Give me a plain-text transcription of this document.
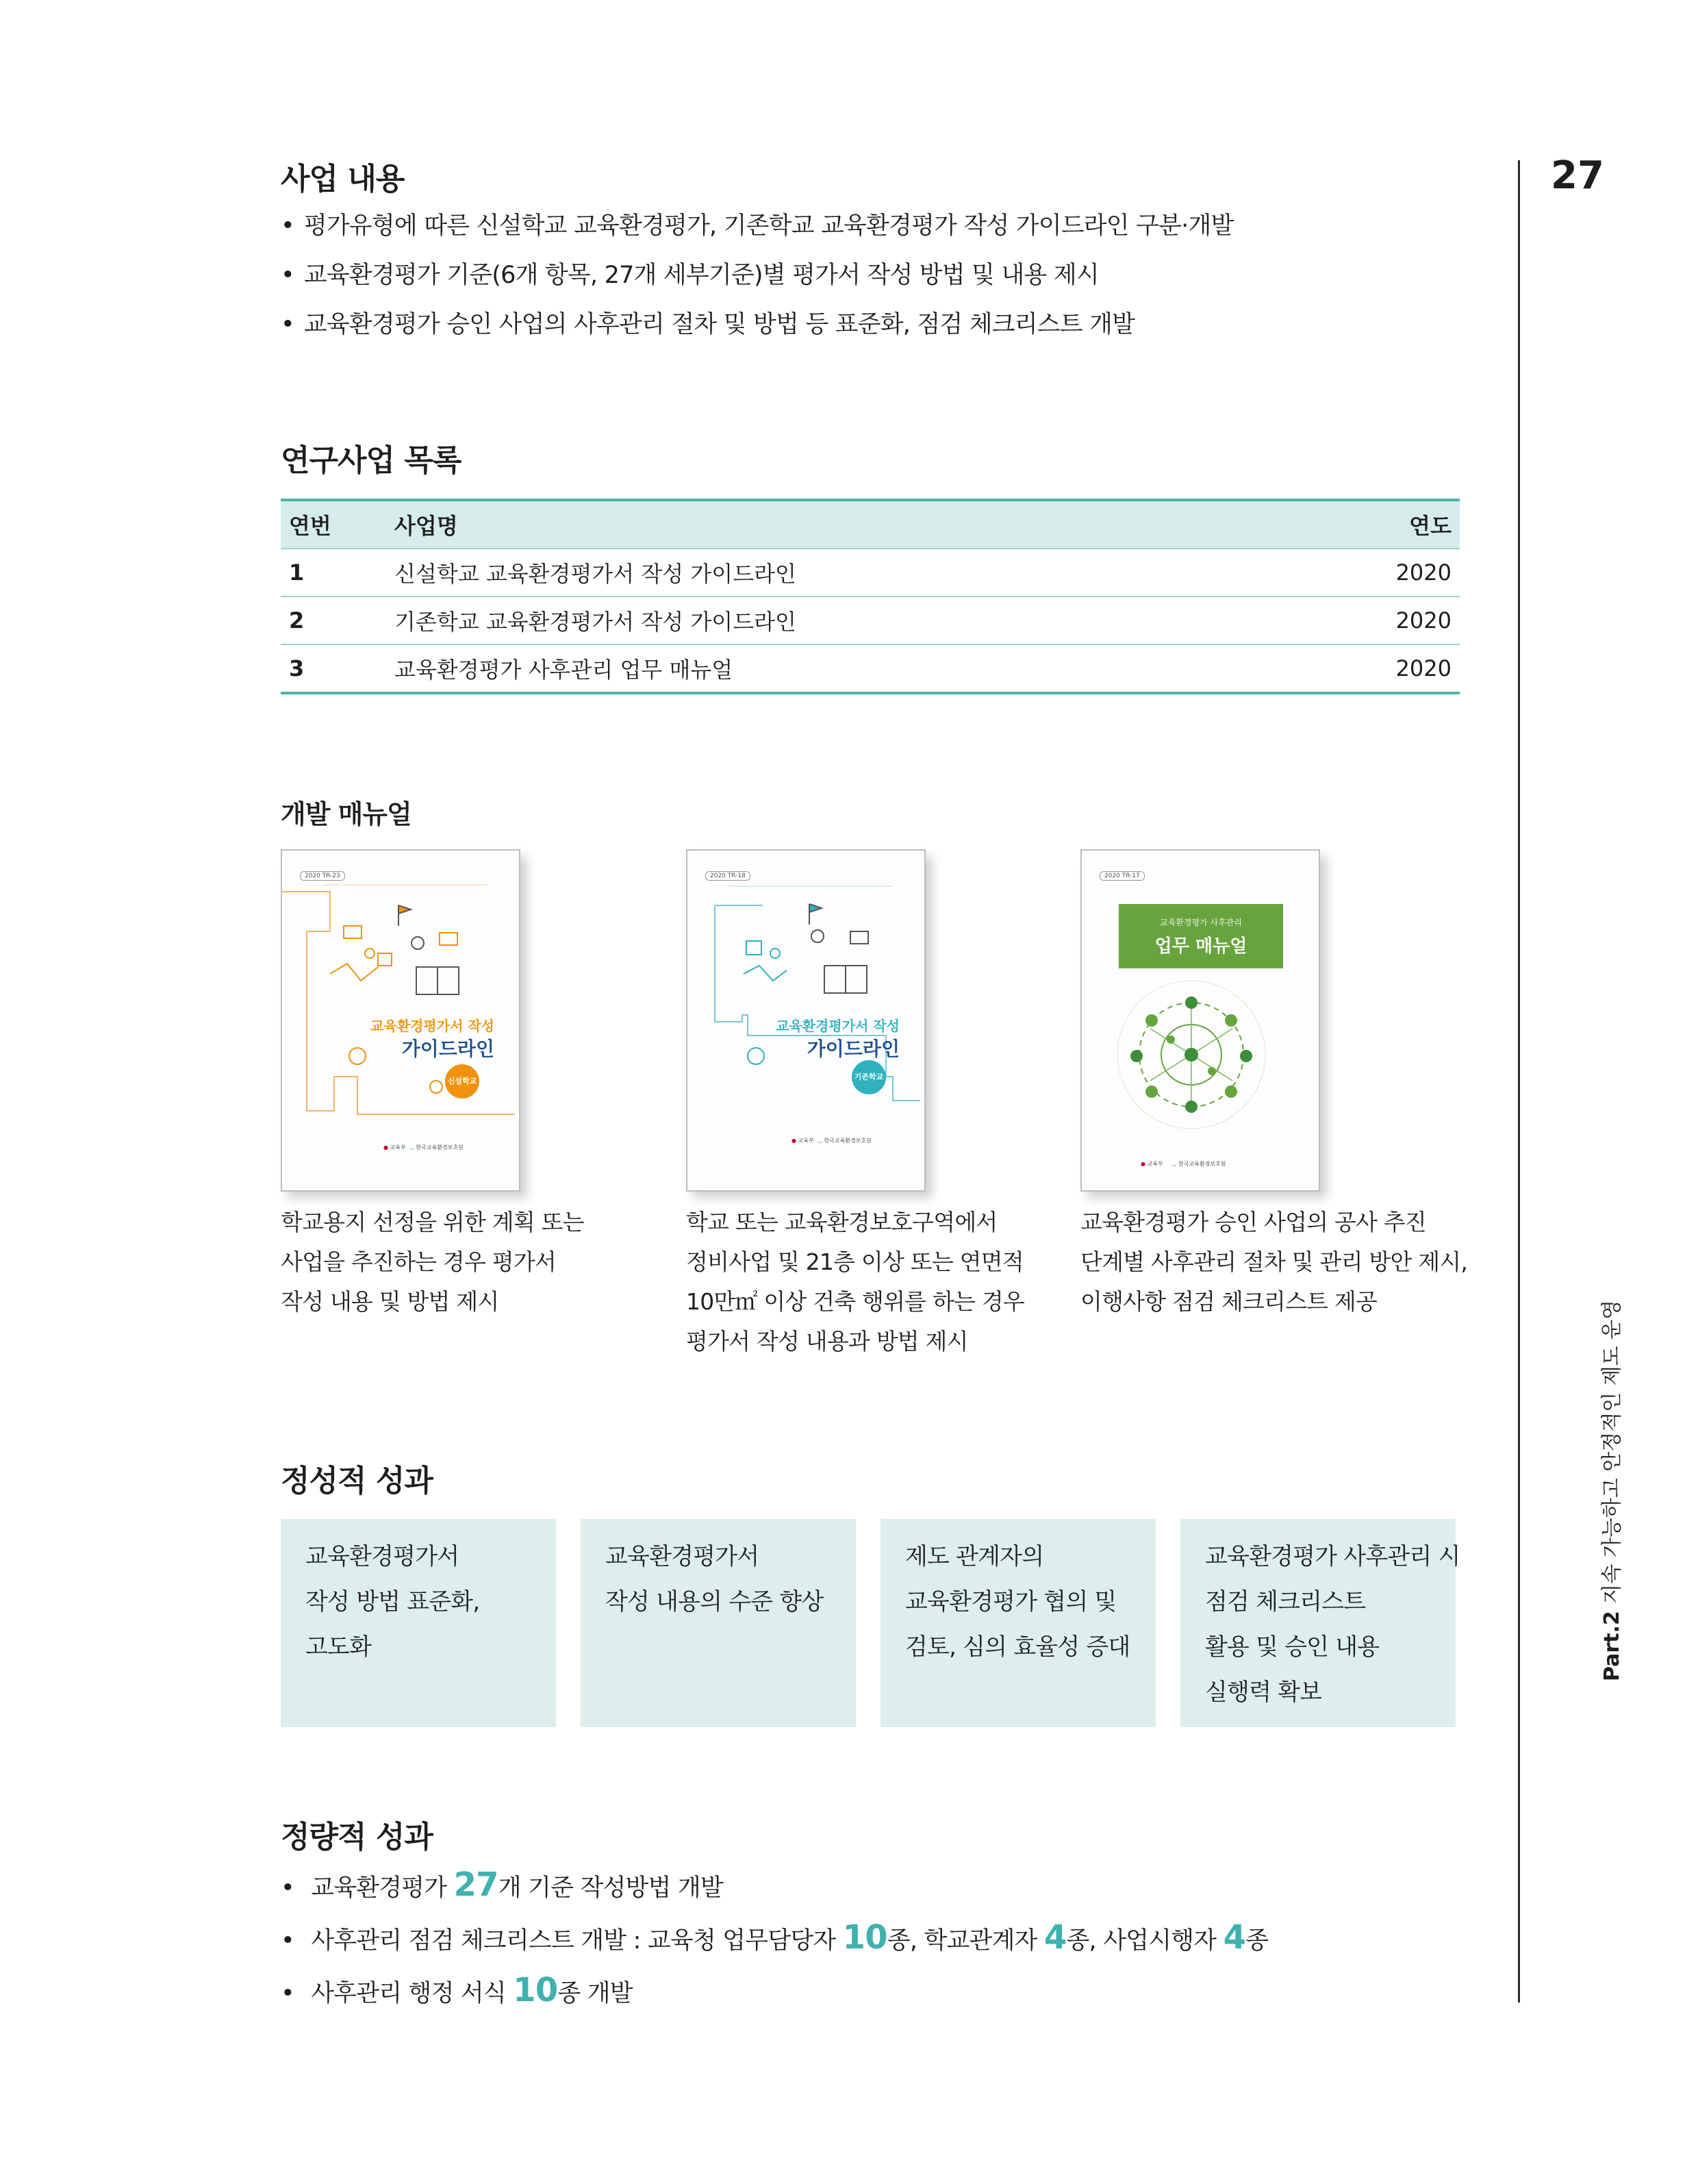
27
Part.2 지속 가능하고 안정적인 제도 운영
사업 내용
• 평가유형에 따른 신설학교 교육환경평가, 기존학교 교육환경평가 작성 가이드라인 구분·개발
• 교육환경평가 기준(6개 항목, 27개 세부기준)별 평가서 작성 방법 및 내용 제시
• 교육환경평가 승인 사업의 사후관리 절차 및 방법 등 표준화, 점검 체크리스트 개발
연구사업 목록
연번	사업명	연도
1	신설학교 교육환경평가서 작성 가이드라인	2020
2	기존학교 교육환경평가서 작성 가이드라인	2020
3	교육환경평가 사후관리 업무 매뉴얼	2020
개발 매뉴얼
2020 TR-23
교육환경평가서 작성
가이드라인
신설학교
● 교육부 ◡ 한국교육환경보호원
2020 TR-18
교육환경평가서 작성
가이드라인
기존학교
● 교육부 ◡ 한국교육환경보호원
2020 TR-17
교육환경평가 사후관리
업무 매뉴얼
● 교육부 ◡ 한국교육환경보호원
학교용지 선정을 위한 계획 또는
사업을 추진하는 경우 평가서
작성 내용 및 방법 제시
학교 또는 교육환경보호구역에서
정비사업 및 21층 이상 또는 연면적
10만㎡ 이상 건축 행위를 하는 경우
평가서 작성 내용과 방법 제시
교육환경평가 승인 사업의 공사 추진
단계별 사후관리 절차 및 관리 방안 제시,
이행사항 점검 체크리스트 제공
정성적 성과
교육환경평가서
작성 방법 표준화,
고도화
교육환경평가서
작성 내용의 수준 향상
제도 관계자의
교육환경평가 협의 및
검토, 심의 효율성 증대
교육환경평가 사후관리 시
점검 체크리스트
활용 및 승인 내용
실행력 확보
정량적 성과
• 교육환경평가 27개 기준 작성방법 개발
• 사후관리 점검 체크리스트 개발 : 교육청 업무담당자 10종, 학교관계자 4종, 사업시행자 4종
• 사후관리 행정 서식 10종 개발
